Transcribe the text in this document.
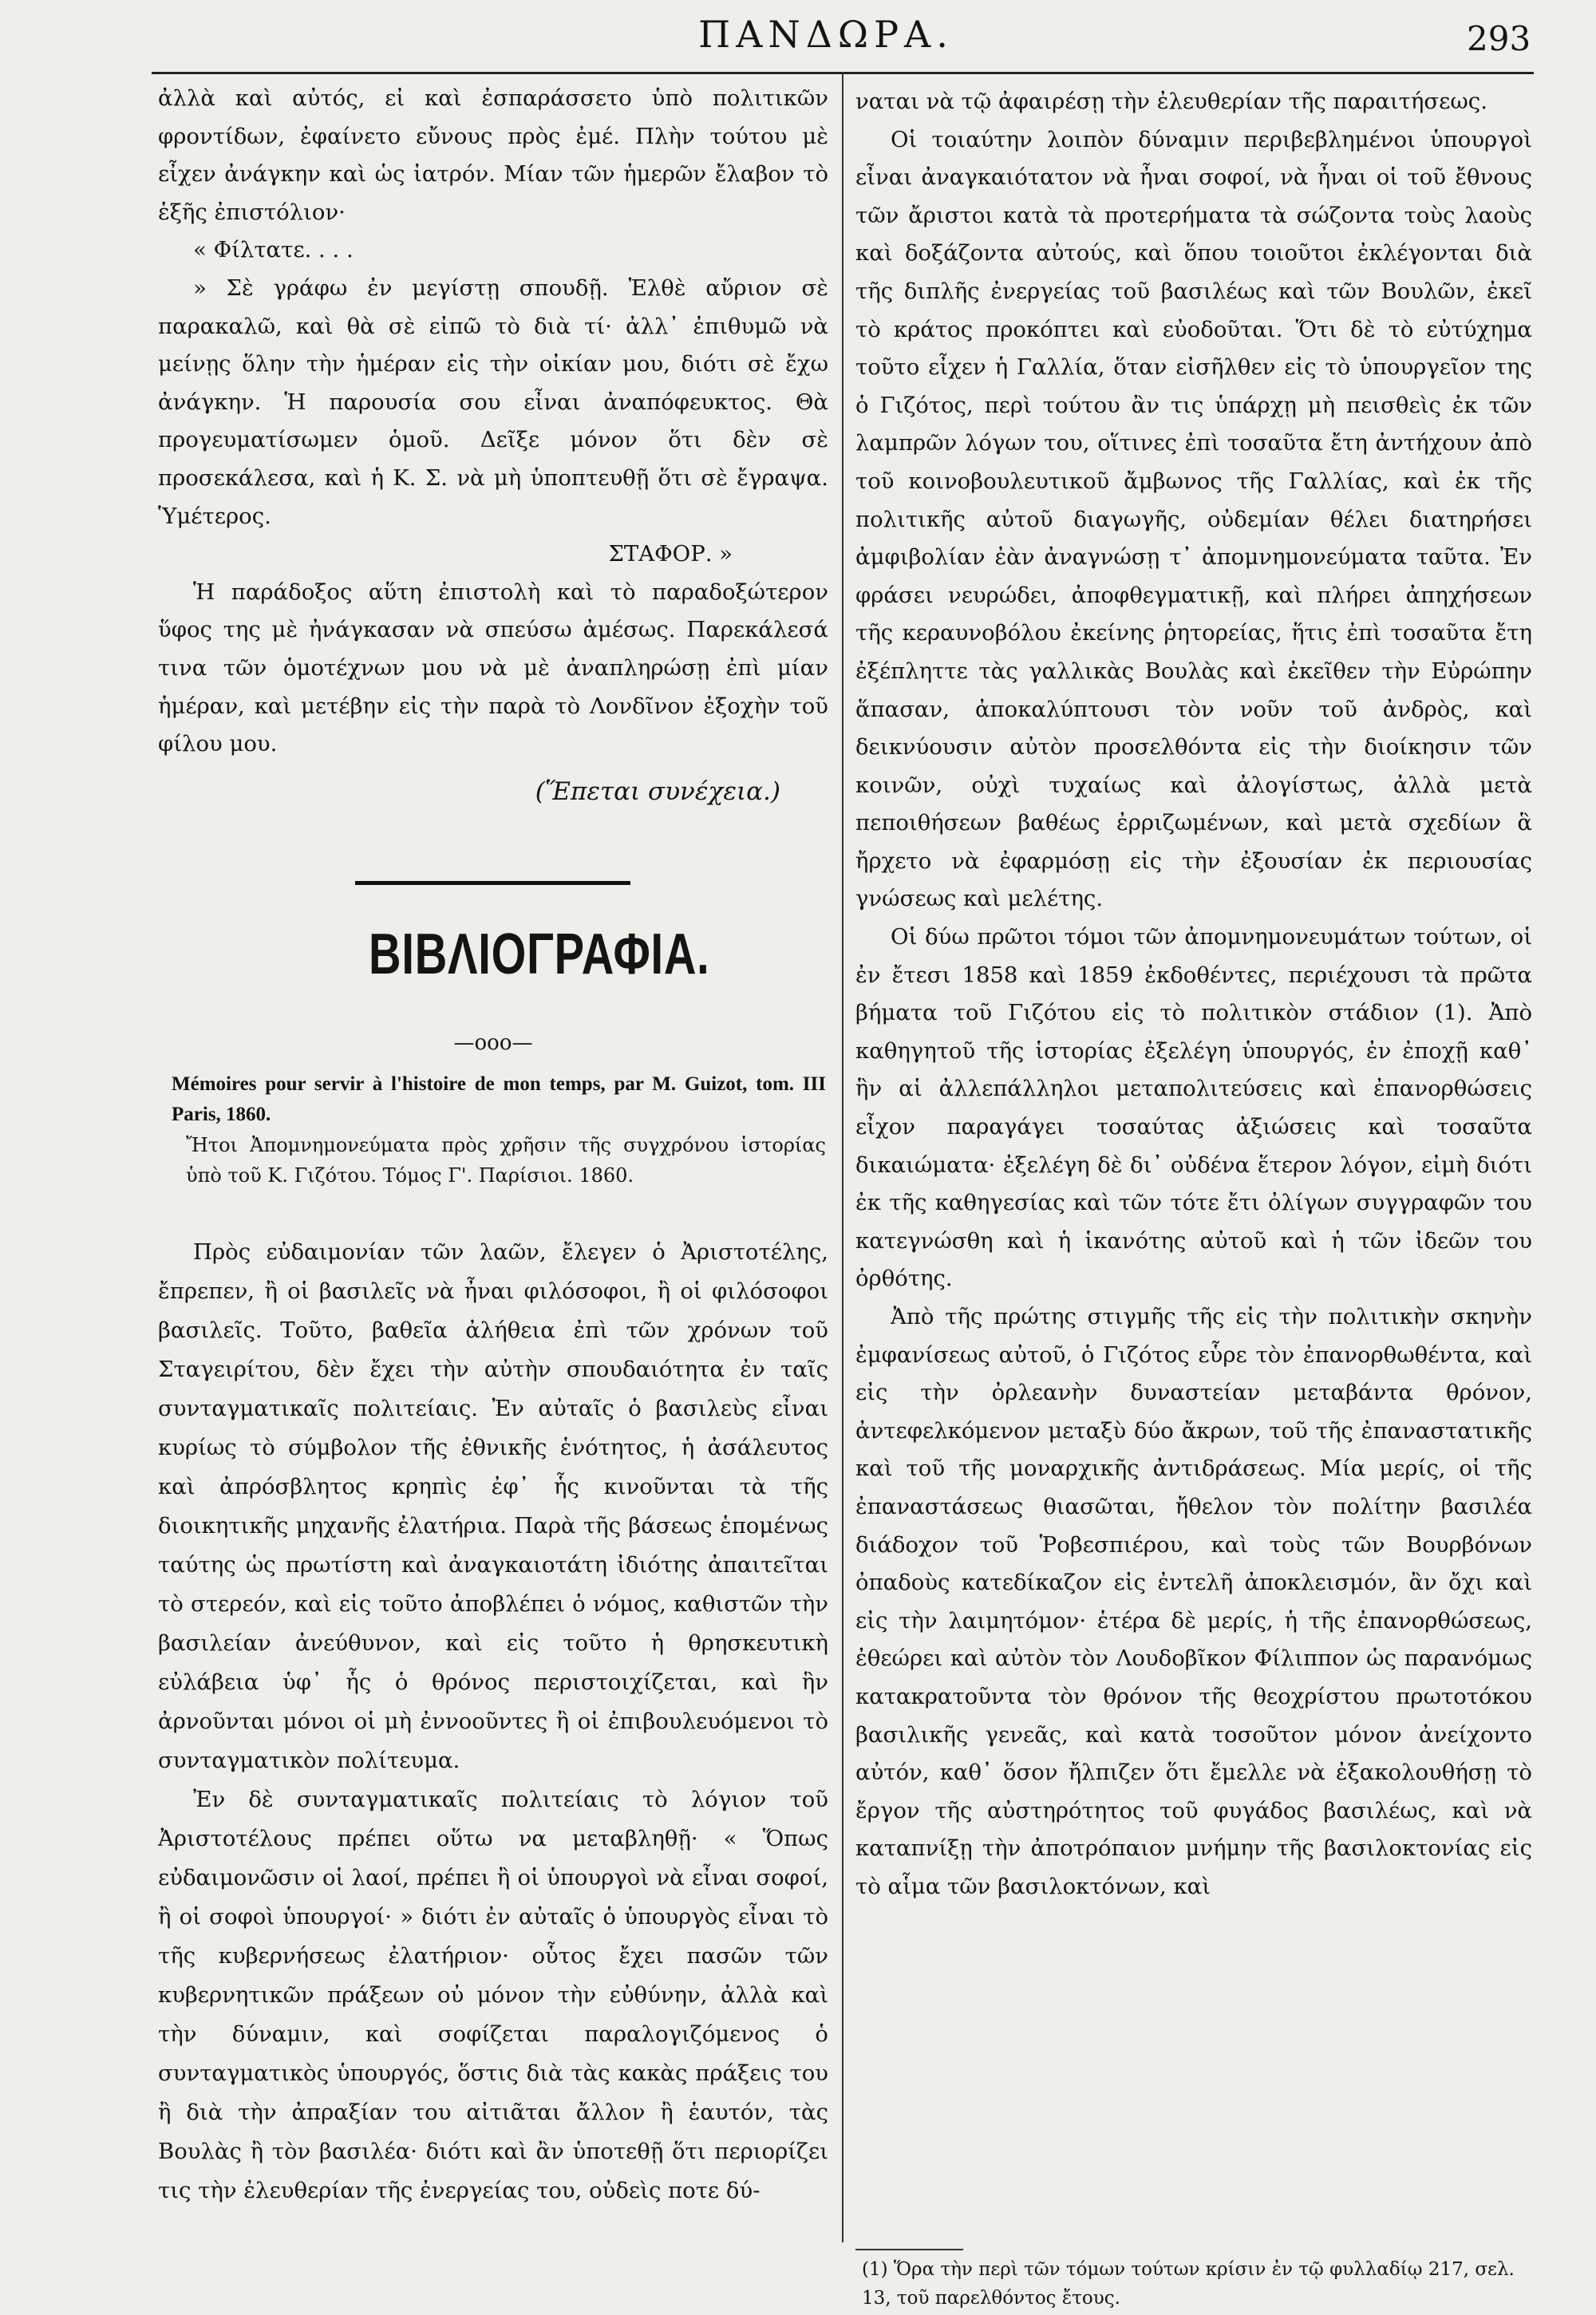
ΠΑΝΔΩΡΑ.	293

ἀλλὰ καὶ αὐτός, εἰ καὶ ἐσπαράσσετο ὑπὸ πολιτικῶν φροντίδων, ἐφαίνετο εὔνους πρὸς ἐμέ. Πλὴν τούτου μὲ εἶχεν ἀνάγκην καὶ ὡς ἰατρόν. Μίαν τῶν ἡμερῶν ἔλαβον τὸ ἑξῆς ἐπιστόλιον·

« Φίλτατε. . . .

» Σὲ γράφω ἐν μεγίστῃ σπουδῇ. Ἐλθὲ αὔριον σὲ παρακαλῶ, καὶ θὰ σὲ εἰπῶ τὸ διὰ τί· ἀλλ᾽ ἐπιθυμῶ νὰ μείνῃς ὅλην τὴν ἡμέραν εἰς τὴν οἰκίαν μου, διότι σὲ ἔχω ἀνάγκην. Ἡ παρουσία σου εἶναι ἀναπόφευκτος. Θὰ προγευματίσωμεν ὁμοῦ. Δεῖξε μόνον ὅτι δὲν σὲ προσεκάλεσα, καὶ ἡ Κ. Σ. νὰ μὴ ὑποπτευθῇ ὅτι σὲ ἔγραψα. Ὑμέτερος.

ΣΤΑΦΟΡ. »

Ἡ παράδοξος αὕτη ἐπιστολὴ καὶ τὸ παραδοξώτερον ὕφος της μὲ ἠνάγκασαν νὰ σπεύσω ἀμέσως. Παρεκάλεσά τινα τῶν ὁμοτέχνων μου νὰ μὲ ἀναπληρώσῃ ἐπὶ μίαν ἡμέραν, καὶ μετέβην εἰς τὴν παρὰ τὸ Λονδῖνον ἐξοχὴν τοῦ φίλου μου.

(Ἕπεται συνέχεια.)

ΒΙΒΛΙΟΓΡΑΦΙΑ.
—ooo—

Mémoires pour servir à l'histoire de mon temps, par M. Guizot, tom. III Paris, 1860.

Ἤτοι Ἀπομνημονεύματα πρὸς χρῆσιν τῆς συγχρόνου ἱστορίας ὑπὸ τοῦ Κ. Γιζότου. Τόμος Γ'. Παρίσιοι. 1860.

Πρὸς εὐδαιμονίαν τῶν λαῶν, ἔλεγεν ὁ Ἀριστοτέλης, ἔπρεπεν, ἢ οἱ βασιλεῖς νὰ ἦναι φιλόσοφοι, ἢ οἱ φιλόσοφοι βασιλεῖς. Τοῦτο, βαθεῖα ἀλήθεια ἐπὶ τῶν χρόνων τοῦ Σταγειρίτου, δὲν ἔχει τὴν αὐτὴν σπουδαιότητα ἐν ταῖς συνταγματικαῖς πολιτείαις. Ἐν αὐταῖς ὁ βασιλεὺς εἶναι κυρίως τὸ σύμβολον τῆς ἐθνικῆς ἑνότητος, ἡ ἀσάλευτος καὶ ἀπρόσβλητος κρηπὶς ἐφ᾽ ἧς κινοῦνται τὰ τῆς διοικητικῆς μηχανῆς ἐλατήρια. Παρὰ τῆς βάσεως ἑπομένως ταύτης ὡς πρωτίστη καὶ ἀναγκαιοτάτη ἰδιότης ἀπαιτεῖται τὸ στερεόν, καὶ εἰς τοῦτο ἀποβλέπει ὁ νόμος, καθιστῶν τὴν βασιλείαν ἀνεύθυνον, καὶ εἰς τοῦτο ἡ θρησκευτικὴ εὐλάβεια ὑφ᾽ ἧς ὁ θρόνος περιστοιχίζεται, καὶ ἣν ἀρνοῦνται μόνοι οἱ μὴ ἐννοοῦντες ἢ οἱ ἐπιβουλευόμενοι τὸ συνταγματικὸν πολίτευμα.

Ἐν δὲ συνταγματικαῖς πολιτείαις τὸ λόγιον τοῦ Ἀριστοτέλους πρέπει οὕτω να μεταβληθῇ· « Ὅπως εὐδαιμονῶσιν οἱ λαοί, πρέπει ἢ οἱ ὑπουργοὶ νὰ εἶναι σοφοί, ἢ οἱ σοφοὶ ὑπουργοί· » διότι ἐν αὐταῖς ὁ ὑπουργὸς εἶναι τὸ τῆς κυβερνήσεως ἐλατήριον· οὗτος ἔχει πασῶν τῶν κυβερνητικῶν πράξεων οὐ μόνον τὴν εὐθύνην, ἀλλὰ καὶ τὴν δύναμιν, καὶ σοφίζεται παραλογιζόμενος ὁ συνταγματικὸς ὑπουργός, ὅστις διὰ τὰς κακὰς πράξεις του ἢ διὰ τὴν ἀπραξίαν του αἰτιᾶται ἄλλον ἢ ἑαυτόν, τὰς Βουλὰς ἢ τὸν βασιλέα· διότι καὶ ἂν ὑποτεθῇ ὅτι περιορίζει τις τὴν ἐλευθερίαν τῆς ἐνεργείας του, οὐδεὶς ποτε δύ-

ναται νὰ τῷ ἀφαιρέσῃ τὴν ἐλευθερίαν τῆς παραιτήσεως.

Οἱ τοιαύτην λοιπὸν δύναμιν περιβεβλημένοι ὑπουργοὶ εἶναι ἀναγκαιότατον νὰ ἦναι σοφοί, νὰ ἦναι οἱ τοῦ ἔθνους τῶν ἄριστοι κατὰ τὰ προτερήματα τὰ σώζοντα τοὺς λαοὺς καὶ δοξάζοντα αὐτούς, καὶ ὅπου τοιοῦτοι ἐκλέγονται διὰ τῆς διπλῆς ἐνεργείας τοῦ βασιλέως καὶ τῶν Βουλῶν, ἐκεῖ τὸ κράτος προκόπτει καὶ εὐοδοῦται. Ὅτι δὲ τὸ εὐτύχημα τοῦτο εἶχεν ἡ Γαλλία, ὅταν εἰσῆλθεν εἰς τὸ ὑπουργεῖον της ὁ Γιζότος, περὶ τούτου ἂν τις ὑπάρχῃ μὴ πεισθεὶς ἐκ τῶν λαμπρῶν λόγων του, οἵτινες ἐπὶ τοσαῦτα ἔτη ἀντήχουν ἀπὸ τοῦ κοινοβουλευτικοῦ ἄμβωνος τῆς Γαλλίας, καὶ ἐκ τῆς πολιτικῆς αὐτοῦ διαγωγῆς, οὐδεμίαν θέλει διατηρήσει ἀμφιβολίαν ἐὰν ἀναγνώσῃ τ᾽ ἀπομνημονεύματα ταῦτα. Ἐν φράσει νευρώδει, ἀποφθεγματικῇ, καὶ πλήρει ἀπηχήσεων τῆς κεραυνοβόλου ἐκείνης ῥητορείας, ἥτις ἐπὶ τοσαῦτα ἔτη ἐξέπληττε τὰς γαλλικὰς Βουλὰς καὶ ἐκεῖθεν τὴν Εὐρώπην ἅπασαν, ἀποκαλύπτουσι τὸν νοῦν τοῦ ἀνδρὸς, καὶ δεικνύουσιν αὐτὸν προσελθόντα εἰς τὴν διοίκησιν τῶν κοινῶν, οὐχὶ τυχαίως καὶ ἀλογίστως, ἀλλὰ μετὰ πεποιθήσεων βαθέως ἐρριζωμένων, καὶ μετὰ σχεδίων ἃ ἤρχετο νὰ ἐφαρμόσῃ εἰς τὴν ἐξουσίαν ἐκ περιουσίας γνώσεως καὶ μελέτης.

Οἱ δύω πρῶτοι τόμοι τῶν ἀπομνημονευμάτων τούτων, οἱ ἐν ἔτεσι 1858 καὶ 1859 ἐκδοθέντες, περιέχουσι τὰ πρῶτα βήματα τοῦ Γιζότου εἰς τὸ πολιτικὸν στάδιον (1). Ἀπὸ καθηγητοῦ τῆς ἱστορίας ἐξελέγη ὑπουργός, ἐν ἐποχῇ καθ᾽ ἣν αἱ ἀλλεπάλληλοι μεταπολιτεύσεις καὶ ἐπανορθώσεις εἶχον παραγάγει τοσαύτας ἀξιώσεις καὶ τοσαῦτα δικαιώματα· ἐξελέγη δὲ δι᾽ οὐδένα ἕτερον λόγον, εἰμὴ διότι ἐκ τῆς καθηγεσίας καὶ τῶν τότε ἔτι ὀλίγων συγγραφῶν του κατεγνώσθη καὶ ἡ ἱκανότης αὐτοῦ καὶ ἡ τῶν ἰδεῶν του ὀρθότης.

Ἀπὸ τῆς πρώτης στιγμῆς τῆς εἰς τὴν πολιτικὴν σκηνὴν ἐμφανίσεως αὐτοῦ, ὁ Γιζότος εὗρε τὸν ἐπανορθωθέντα, καὶ εἰς τὴν ὀρλεανὴν δυναστείαν μεταβάντα θρόνον, ἀντεφελκόμενον μεταξὺ δύο ἄκρων, τοῦ τῆς ἐπαναστατικῆς καὶ τοῦ τῆς μοναρχικῆς ἀντιδράσεως. Μία μερίς, οἱ τῆς ἐπαναστάσεως θιασῶται, ἤθελον τὸν πολίτην βασιλέα διάδοχον τοῦ Ῥοβεσπιέρου, καὶ τοὺς τῶν Βουρβόνων ὀπαδοὺς κατεδίκαζον εἰς ἐντελῆ ἀποκλεισμόν, ἂν ὄχι καὶ εἰς τὴν λαιμητόμον· ἑτέρα δὲ μερίς, ἡ τῆς ἐπανορθώσεως, ἐθεώρει καὶ αὐτὸν τὸν Λουδοβῖκον Φίλιππον ὡς παρανόμως κατακρατοῦντα τὸν θρόνον τῆς θεοχρίστου πρωτοτόκου βασιλικῆς γενεᾶς, καὶ κατὰ τοσοῦτον μόνον ἀνείχοντο αὐτόν, καθ᾽ ὅσον ἤλπιζεν ὅτι ἔμελλε νὰ ἐξακολουθήσῃ τὸ ἔργον τῆς αὐστηρότητος τοῦ φυγάδος βασιλέως, καὶ νὰ καταπνίξῃ τὴν ἀποτρόπαιον μνήμην τῆς βασιλοκτονίας εἰς τὸ αἷμα τῶν βασιλοκτόνων, καὶ

(1) Ὅρα τὴν περὶ τῶν τόμων τούτων κρίσιν ἐν τῷ φυλλαδίῳ 217, σελ. 13, τοῦ παρελθόντος ἔτους.
